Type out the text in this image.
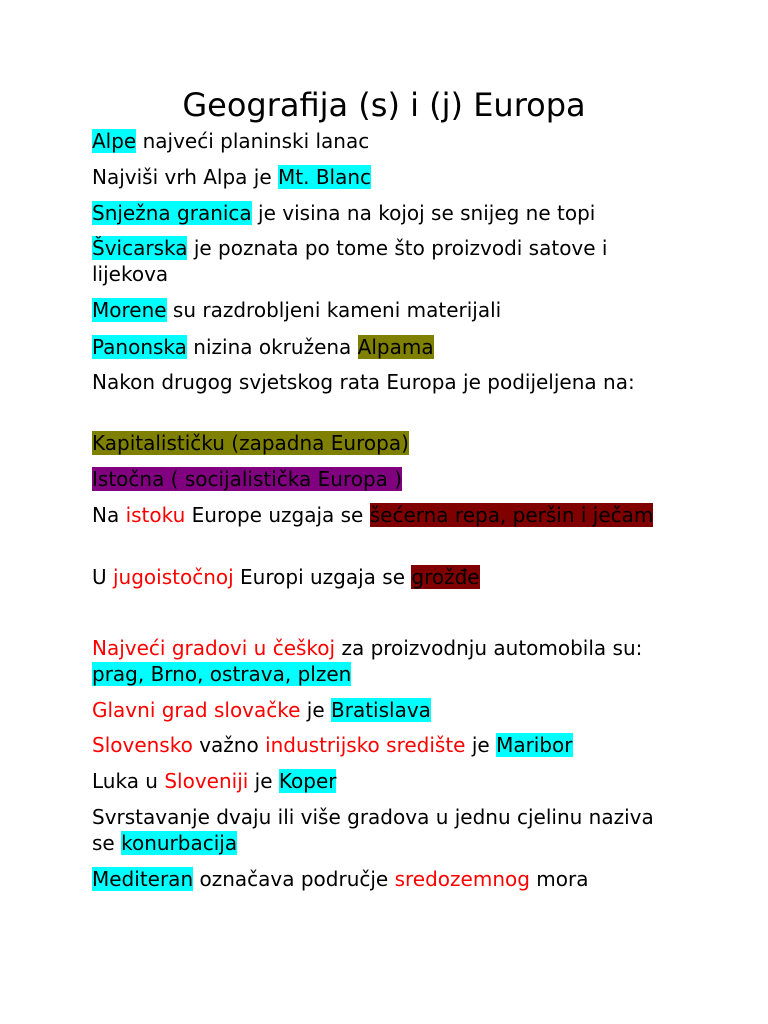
Geografija (s) i (j) Europa

Alpe najveći planinski lanac

Najviši vrh Alpa je Mt. Blanc

Snježna granica je visina na kojoj se snijeg ne topi

Švicarska je poznata po tome što proizvodi satove i lijekova

Morene su razdrobljeni kameni materijali

Panonska nizina okružena Alpama

Nakon drugog svjetskog rata Europa je podijeljena na:

Kapitalističku (zapadna Europa)

Istočna ( socijalistička Europa )

Na istoku Europe uzgaja se šećerna repa, peršin i ječam

U jugoistočnoj Europi uzgaja se grožđe

Najveći gradovi u češkoj za proizvodnju automobila su: prag, Brno, ostrava, plzen

Glavni grad slovačke je Bratislava

Slovensko važno industrijsko središte je Maribor

Luka u Sloveniji je Koper

Svrstavanje dvaju ili više gradova u jednu cjelinu naziva se konurbacija

Mediteran označava područje sredozemnog mora
